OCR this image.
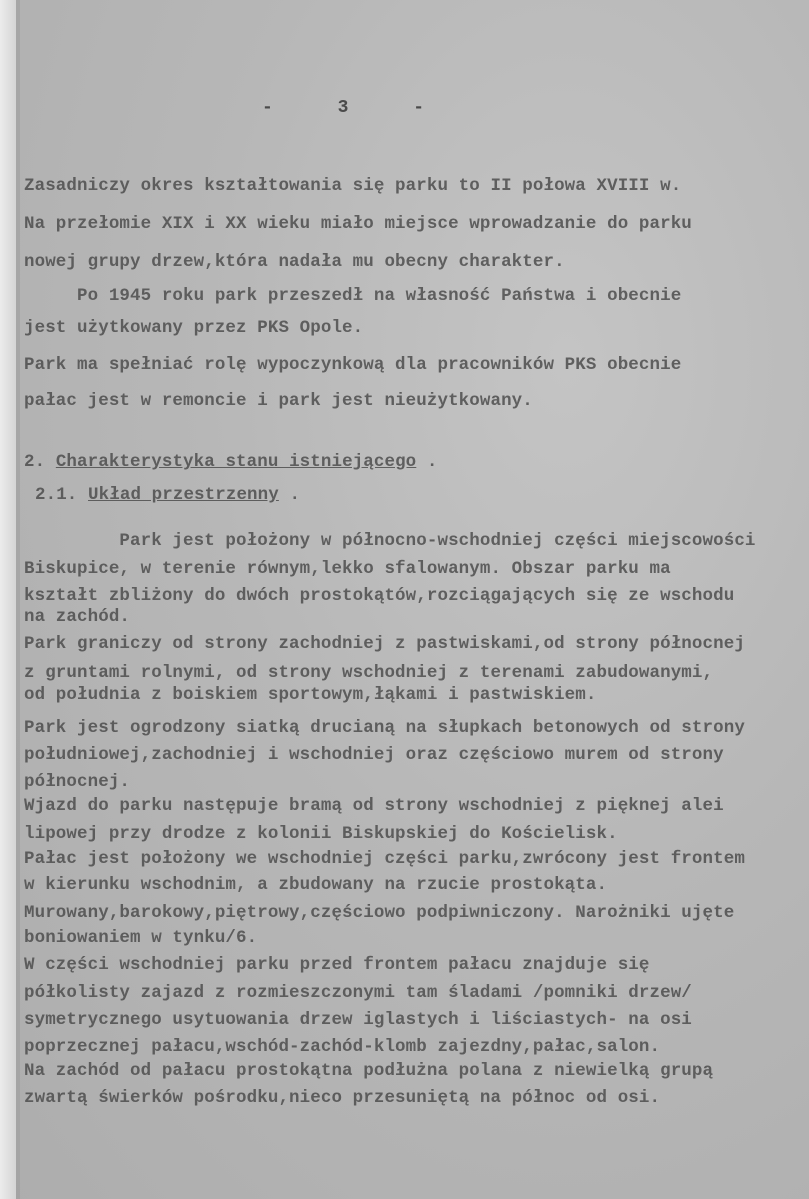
-      3      -
Zasadniczy okres kształtowania się parku to II połowa XVIII w.
Na przełomie XIX i XX wieku miało miejsce wprowadzanie do parku
nowej grupy drzew,która nadała mu obecny charakter.
Po 1945 roku park przeszedł na własność Państwa i obecnie
jest użytkowany przez PKS Opole.
Park ma spełniać rolę wypoczynkową dla pracowników PKS obecnie
pałac jest w remoncie i park jest nieużytkowany.
2. Charakterystyka stanu istniejącego .
2.1. Układ przestrzenny .
Park jest położony w północno-wschodniej części miejscowości
Biskupice, w terenie równym,lekko sfalowanym. Obszar parku ma
kształt zbliżony do dwóch prostokątów,rozciągających się ze wschodu
na zachód.
Park graniczy od strony zachodniej z pastwiskami,od strony północnej
z gruntami rolnymi, od strony wschodniej z terenami zabudowanymi,
od południa z boiskiem sportowym,łąkami i pastwiskiem.
Park jest ogrodzony siatką drucianą na słupkach betonowych od strony
południowej,zachodniej i wschodniej oraz częściowo murem od strony
północnej.
Wjazd do parku następuje bramą od strony wschodniej z pięknej alei
lipowej przy drodze z kolonii Biskupskiej do Kościelisk.
Pałac jest położony we wschodniej części parku,zwrócony jest frontem
w kierunku wschodnim, a zbudowany na rzucie prostokąta.
Murowany,barokowy,piętrowy,częściowo podpiwniczony. Narożniki ujęte
boniowaniem w tynku/6.
W części wschodniej parku przed frontem pałacu znajduje się
półkolisty zajazd z rozmieszczonymi tam śladami /pomniki drzew/
symetrycznego usytuowania drzew iglastych i liściastych- na osi
poprzecznej pałacu,wschód-zachód-klomb zajezdny,pałac,salon.
Na zachód od pałacu prostokątna podłużna polana z niewielką grupą
zwartą świerków pośrodku,nieco przesuniętą na północ od osi.
